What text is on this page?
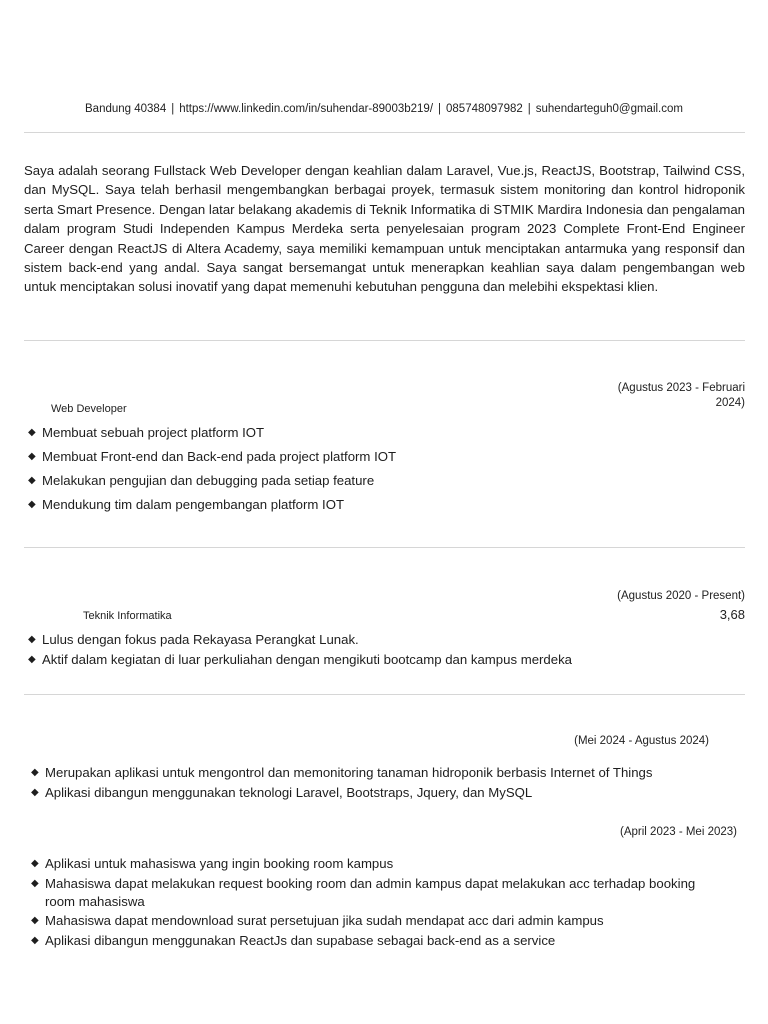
Bandung 40384 | https://www.linkedin.com/in/suhendar-89003b219/ | 085748097982 | suhendarteguh0@gmail.com

Saya adalah seorang Fullstack Web Developer dengan keahlian dalam Laravel, Vue.js, ReactJS, Bootstrap, Tailwind CSS, dan MySQL. Saya telah berhasil mengembangkan berbagai proyek, termasuk sistem monitoring dan kontrol hidroponik serta Smart Presence. Dengan latar belakang akademis di Teknik Informatika di STMIK Mardira Indonesia dan pengalaman dalam program Studi Independen Kampus Merdeka serta penyelesaian program 2023 Complete Front-End Engineer Career dengan ReactJS di Altera Academy, saya memiliki kemampuan untuk menciptakan antarmuka yang responsif dan sistem back-end yang andal. Saya sangat bersemangat untuk menerapkan keahlian saya dalam pengembangan web untuk menciptakan solusi inovatif yang dapat memenuhi kebutuhan pengguna dan melebihi ekspektasi klien.

(Agustus 2023 - Februari
2024)
Web Developer
◆ Membuat sebuah project platform IOT
◆ Membuat Front-end dan Back-end pada project platform IOT
◆ Melakukan pengujian dan debugging pada setiap feature
◆ Mendukung tim dalam pengembangan platform IOT
(Agustus 2020 - Present)
Teknik Informatika	3,68
◆ Lulus dengan fokus pada Rekayasa Perangkat Lunak.
◆ Aktif dalam kegiatan di luar perkuliahan dengan mengikuti bootcamp dan kampus merdeka
(Mei 2024 - Agustus 2024)
◆ Merupakan aplikasi untuk mengontrol dan memonitoring tanaman hidroponik berbasis Internet of Things
◆ Aplikasi dibangun menggunakan teknologi Laravel, Bootstraps, Jquery, dan MySQL
(April 2023 - Mei 2023)
◆ Aplikasi untuk mahasiswa yang ingin booking room kampus
◆ Mahasiswa dapat melakukan request booking room dan admin kampus dapat melakukan acc terhadap booking room mahasiswa
◆ Mahasiswa dapat mendownload surat persetujuan jika sudah mendapat acc dari admin kampus
◆ Aplikasi dibangun menggunakan ReactJs dan supabase sebagai back-end as a service
